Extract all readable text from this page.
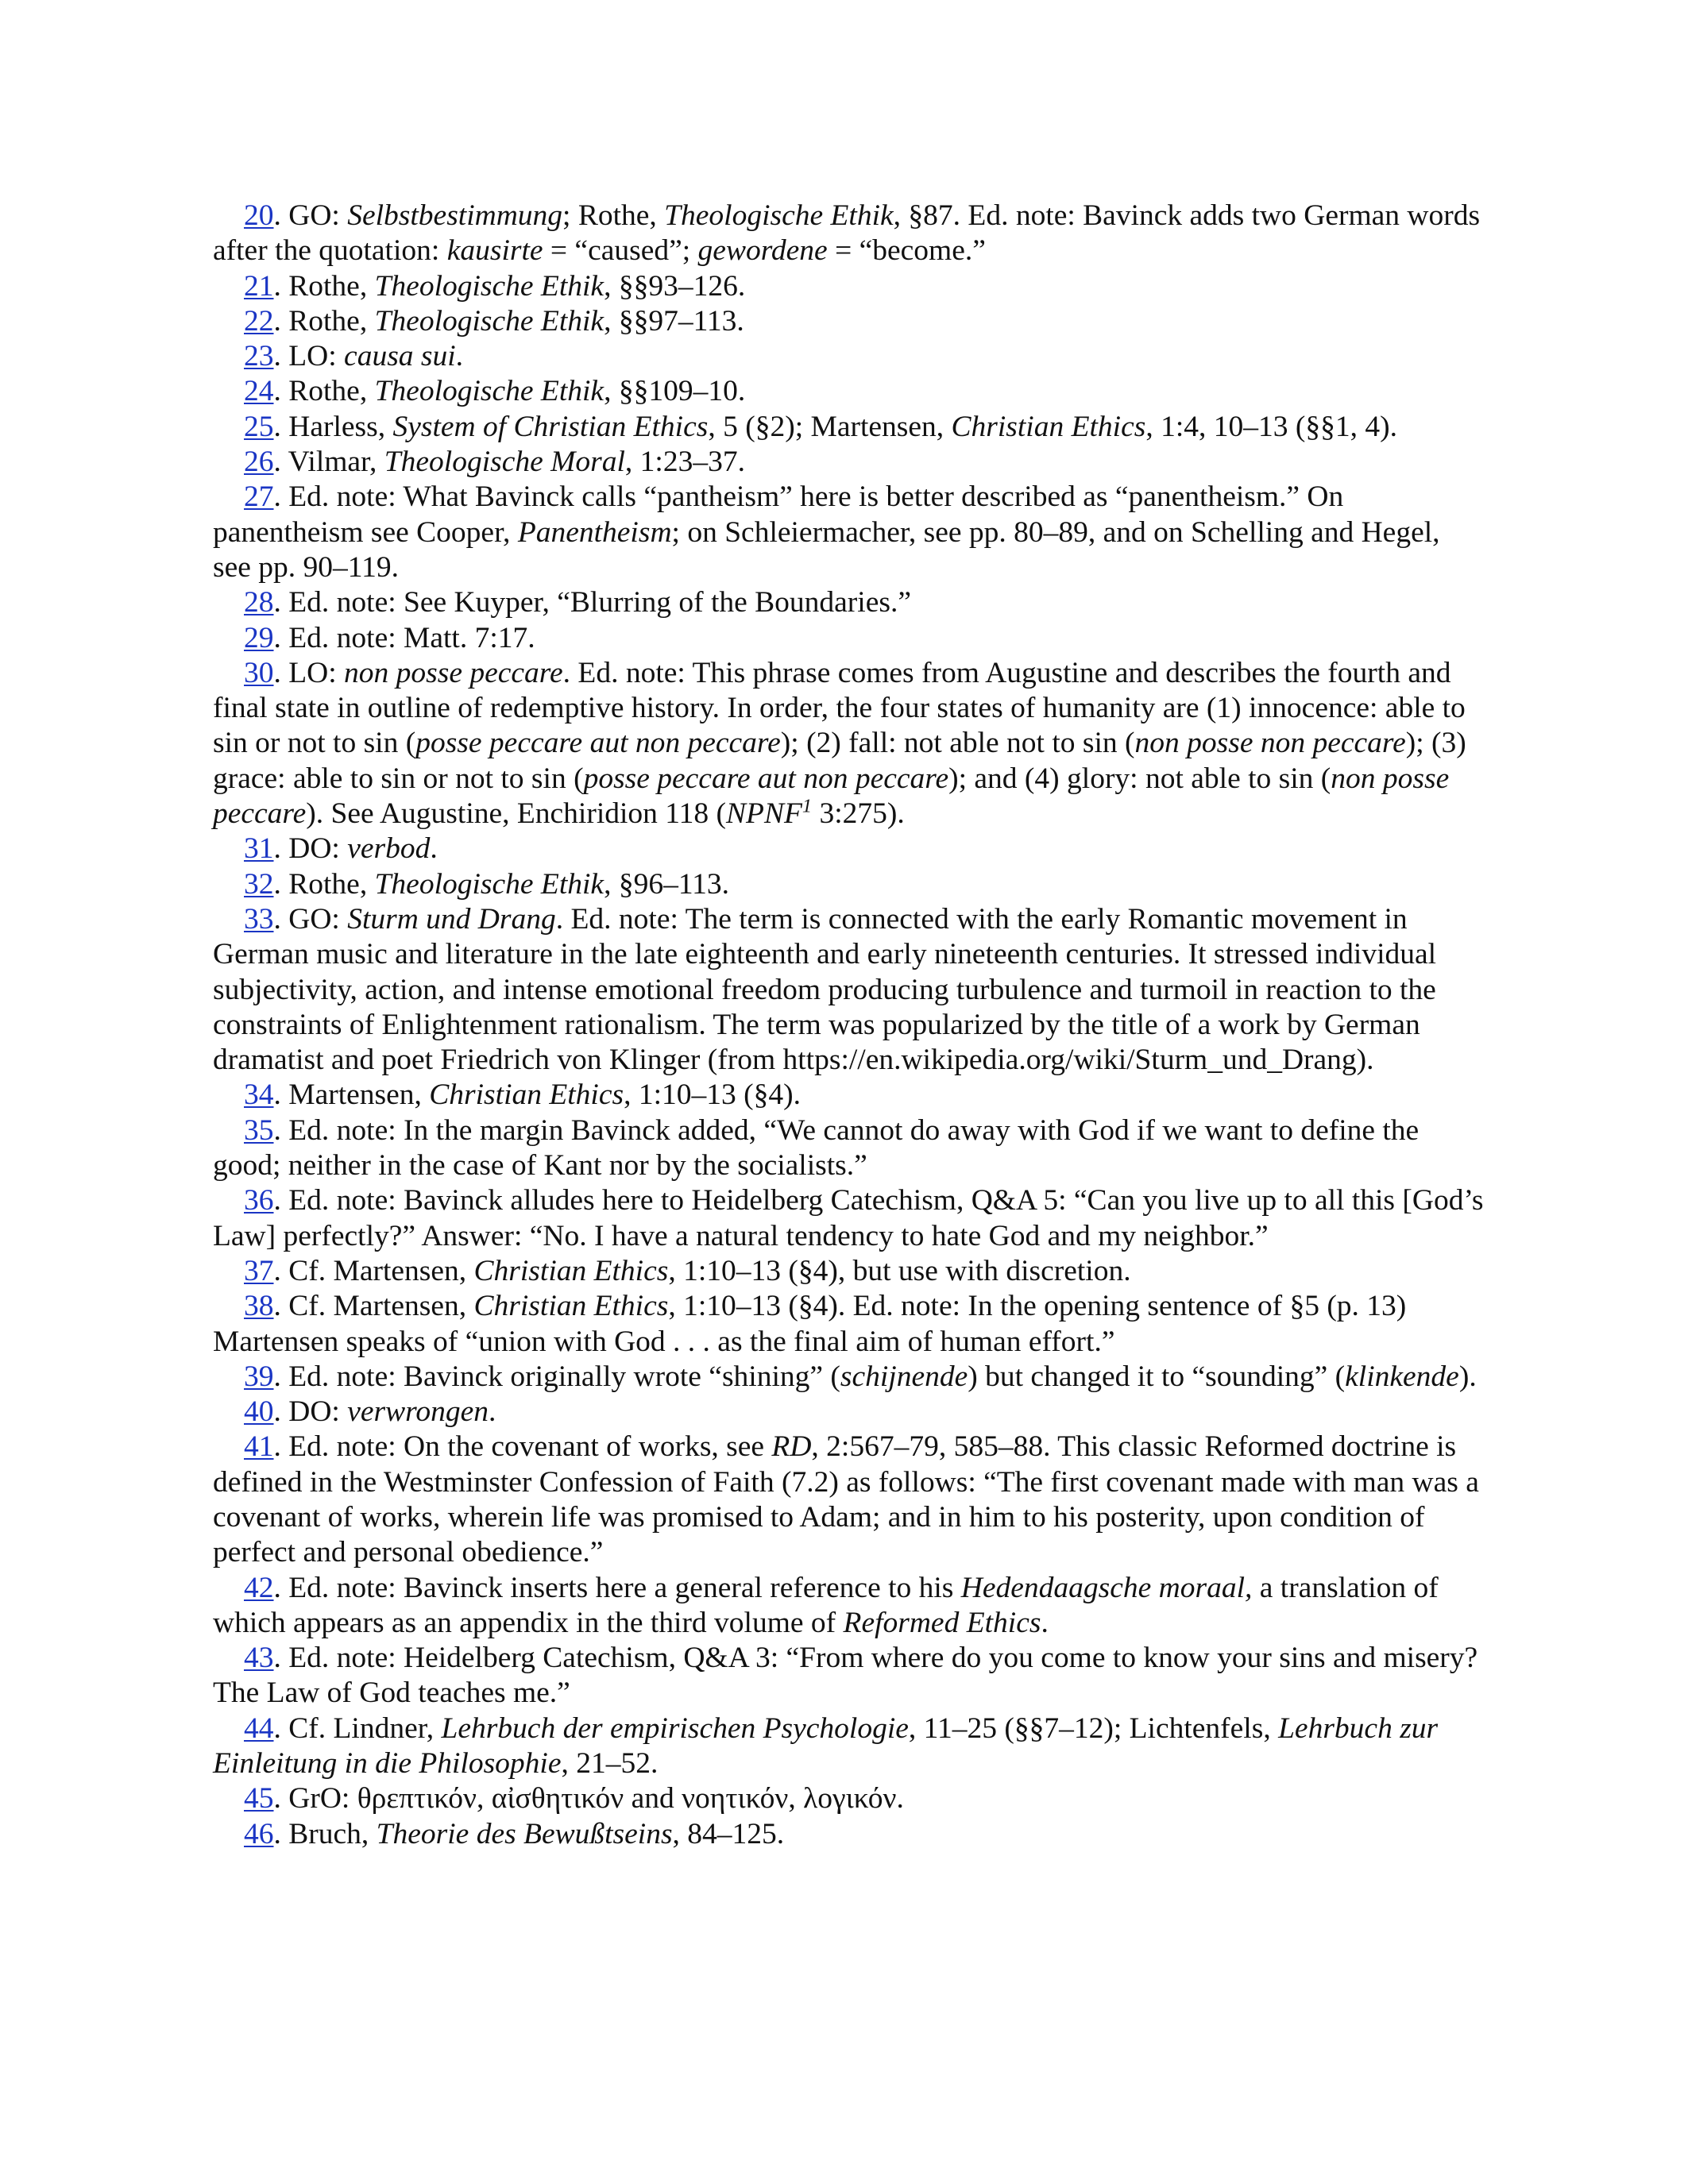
20. GO: Selbstbestimmung; Rothe, Theologische Ethik, §87. Ed. note: Bavinck adds two German words after the quotation: kausirte = “caused”; gewordene = “become.”

21. Rothe, Theologische Ethik, §§93–126.

22. Rothe, Theologische Ethik, §§97–113.

23. LO: causa sui.

24. Rothe, Theologische Ethik, §§109–10.

25. Harless, System of Christian Ethics, 5 (§2); Martensen, Christian Ethics, 1:4, 10–13 (§§1, 4).

26. Vilmar, Theologische Moral, 1:23–37.

27. Ed. note: What Bavinck calls “pantheism” here is better described as “panentheism.” On panentheism see Cooper, Panentheism; on Schleiermacher, see pp. 80–89, and on Schelling and Hegel, see pp. 90–119.

28. Ed. note: See Kuyper, “Blurring of the Boundaries.”

29. Ed. note: Matt. 7:17.

30. LO: non posse peccare. Ed. note: This phrase comes from Augustine and describes the fourth and final state in outline of redemptive history. In order, the four states of humanity are (1) innocence: able to sin or not to sin (posse peccare aut non peccare); (2) fall: not able not to sin (non posse non peccare); (3) grace: able to sin or not to sin (posse peccare aut non peccare); and (4) glory: not able to sin (non posse peccare). See Augustine, Enchiridion 118 (NPNF$^1$ 3:275).

31. DO: verbod.

32. Rothe, Theologische Ethik, §96–113.

33. GO: Sturm und Drang. Ed. note: The term is connected with the early Romantic movement in German music and literature in the late eighteenth and early nineteenth centuries. It stressed individual subjectivity, action, and intense emotional freedom producing turbulence and turmoil in reaction to the constraints of Enlightenment rationalism. The term was popularized by the title of a work by German dramatist and poet Friedrich von Klinger (from https://en.wikipedia.org/wiki/Sturm_und_Drang).

34. Martensen, Christian Ethics, 1:10–13 (§4).

35. Ed. note: In the margin Bavinck added, “We cannot do away with God if we want to define the good; neither in the case of Kant nor by the socialists.”

36. Ed. note: Bavinck alludes here to Heidelberg Catechism, Q&A 5: “Can you live up to all this [God’s Law] perfectly?” Answer: “No. I have a natural tendency to hate God and my neighbor.”

37. Cf. Martensen, Christian Ethics, 1:10–13 (§4), but use with discretion.

38. Cf. Martensen, Christian Ethics, 1:10–13 (§4). Ed. note: In the opening sentence of §5 (p. 13) Martensen speaks of “union with God . . . as the final aim of human effort.”

39. Ed. note: Bavinck originally wrote “shining” (schijnende) but changed it to “sounding” (klinkende).

40. DO: verwrongen.

41. Ed. note: On the covenant of works, see RD, 2:567–79, 585–88. This classic Reformed doctrine is defined in the Westminster Confession of Faith (7.2) as follows: “The first covenant made with man was a covenant of works, wherein life was promised to Adam; and in him to his posterity, upon condition of perfect and personal obedience.”

42. Ed. note: Bavinck inserts here a general reference to his Hedendaagsche moraal, a translation of which appears as an appendix in the third volume of Reformed Ethics.

43. Ed. note: Heidelberg Catechism, Q&A 3: “From where do you come to know your sins and misery? The Law of God teaches me.”

44. Cf. Lindner, Lehrbuch der empirischen Psychologie, 11–25 (§§7–12); Lichtenfels, Lehrbuch zur Einleitung in die Philosophie, 21–52.

45. GrO: θρεπτικόν, αἰσθητικόν and νοητικόν, λογικόν.

46. Bruch, Theorie des Bewußtseins, 84–125.
